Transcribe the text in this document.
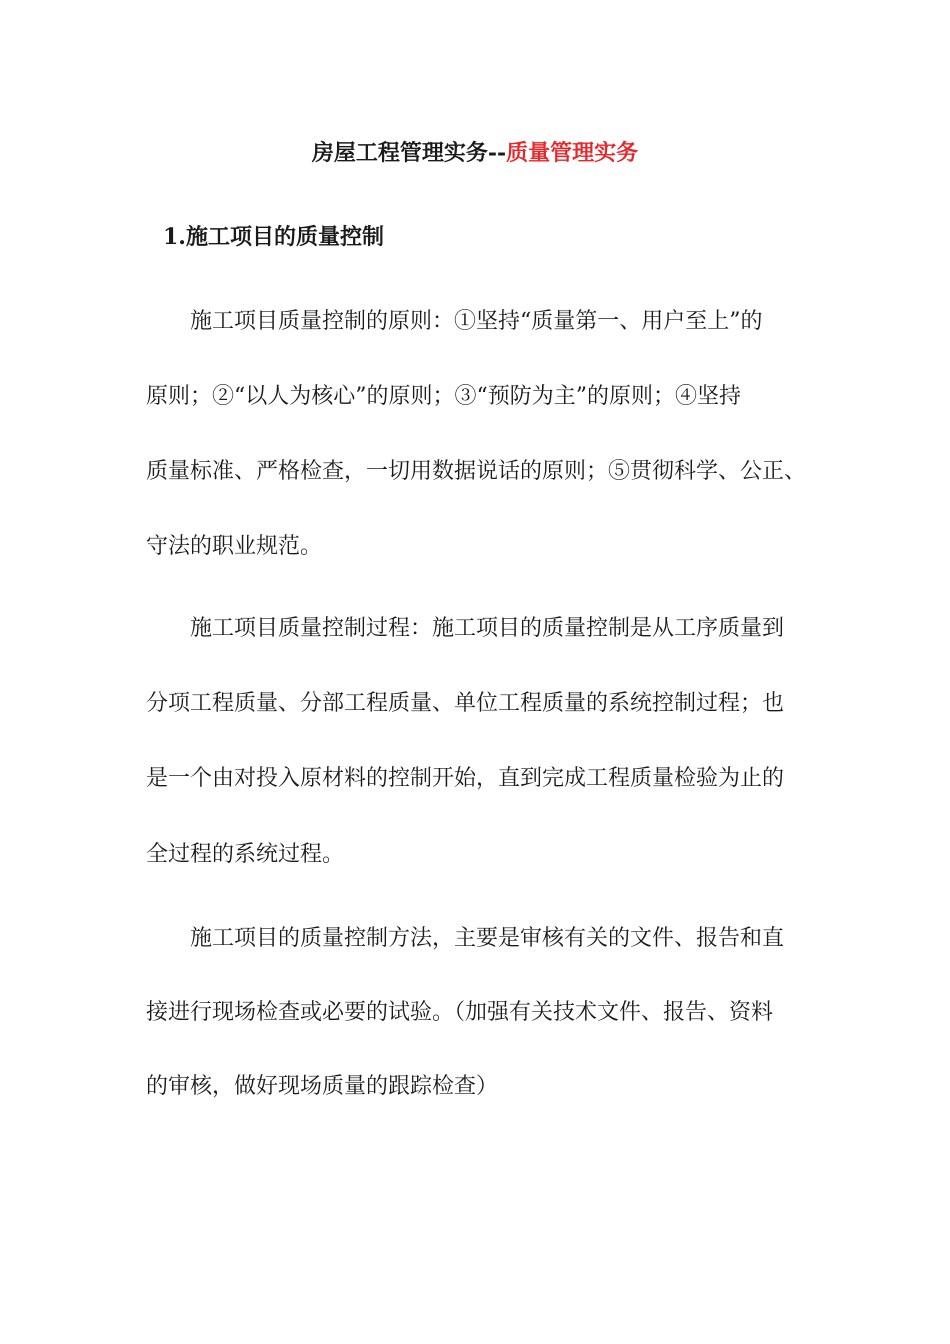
房屋工程管理实务--质量管理实务
1.施工项目的质量控制
施工项目质量控制的原则：①坚持“质量第一、用户至上”的
原则；②“以人为核心”的原则；③“预防为主”的原则；④坚持
质量标准、严格检查，一切用数据说话的原则；⑤贯彻科学、公正、
守法的职业规范。
施工项目质量控制过程：施工项目的质量控制是从工序质量到
分项工程质量、分部工程质量、单位工程质量的系统控制过程；也
是一个由对投入原材料的控制开始，直到完成工程质量检验为止的
全过程的系统过程。
施工项目的质量控制方法，主要是审核有关的文件、报告和直
接进行现场检查或必要的试验。（加强有关技术文件、报告、资料
的审核，做好现场质量的跟踪检查）
